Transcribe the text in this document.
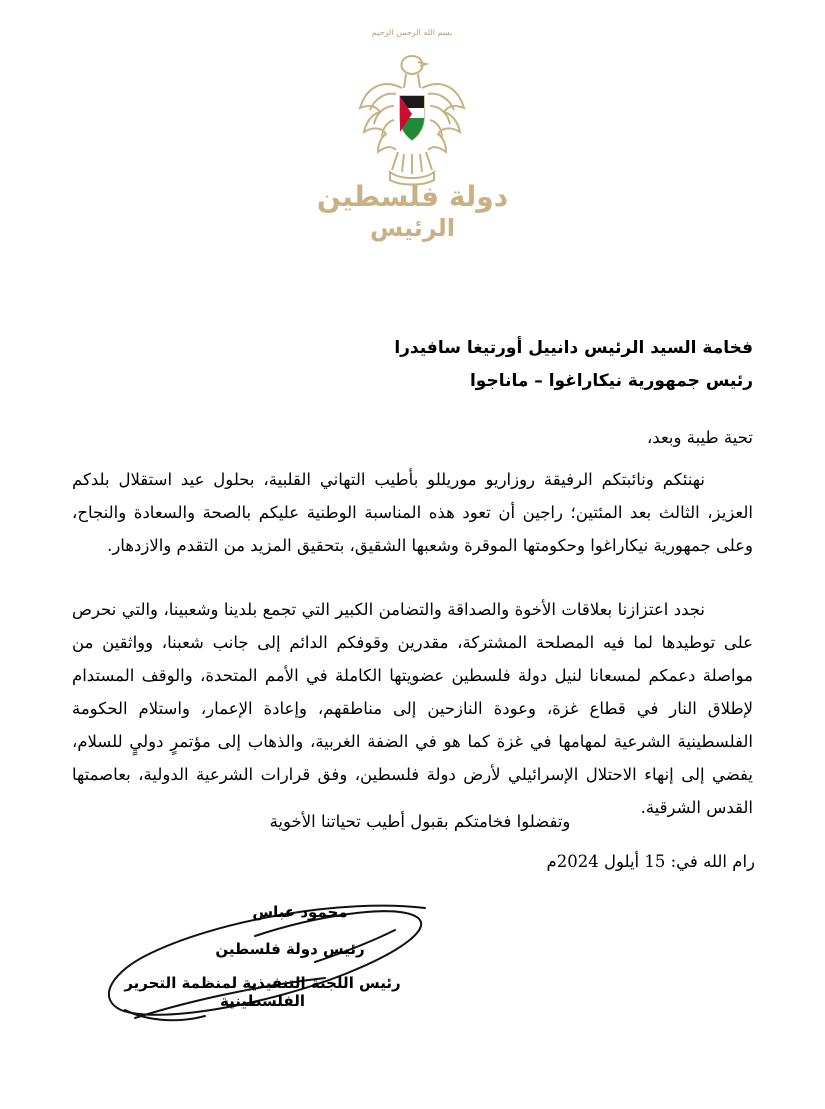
بسم الله الرحمن الرحيم
دولة فلسطين
الرئيس
فخامة السيد الرئيس دانييل أورتيغا سافيدرا
رئيس جمهورية نيكاراغوا – ماناجوا
تحية طيبة وبعد،
نهنئكم ونائبتكم الرفيقة روزاريو موريللو بأطيب التهاني القلبية، بحلول عيد استقلال بلدكم العزيز، الثالث بعد المئتين؛ راجين أن تعود هذه المناسبة الوطنية عليكم بالصحة والسعادة والنجاح، وعلى جمهورية نيكاراغوا وحكومتها الموقرة وشعبها الشقيق، بتحقيق المزيد من التقدم والازدهار.
نجدد اعتزازنا بعلاقات الأخوة والصداقة والتضامن الكبير التي تجمع بلدينا وشعبينا، والتي نحرص على توطيدها لما فيه المصلحة المشتركة، مقدرين وقوفكم الدائم إلى جانب شعبنا، وواثقين من مواصلة دعمكم لمسعانا لنيل دولة فلسطين عضويتها الكاملة في الأمم المتحدة، والوقف المستدام لإطلاق النار في قطاع غزة، وعودة النازحين إلى مناطقهم، وإعادة الإعمار، واستلام الحكومة الفلسطينية الشرعية لمهامها في غزة كما هو في الضفة الغربية، والذهاب إلى مؤتمرٍ دوليٍ للسلام، يفضي إلى إنهاء الاحتلال الإسرائيلي لأرض دولة فلسطين، وفق قرارات الشرعية الدولية، بعاصمتها القدس الشرقية.
وتفضلوا فخامتكم بقبول أطيب تحياتنا الأخوية
رام الله في: 15 أيلول 2024م
محمود عباس
رئيس دولة فلسطين
رئيس اللجنة التنفيذية لمنظمة التحرير الفلسطينية
